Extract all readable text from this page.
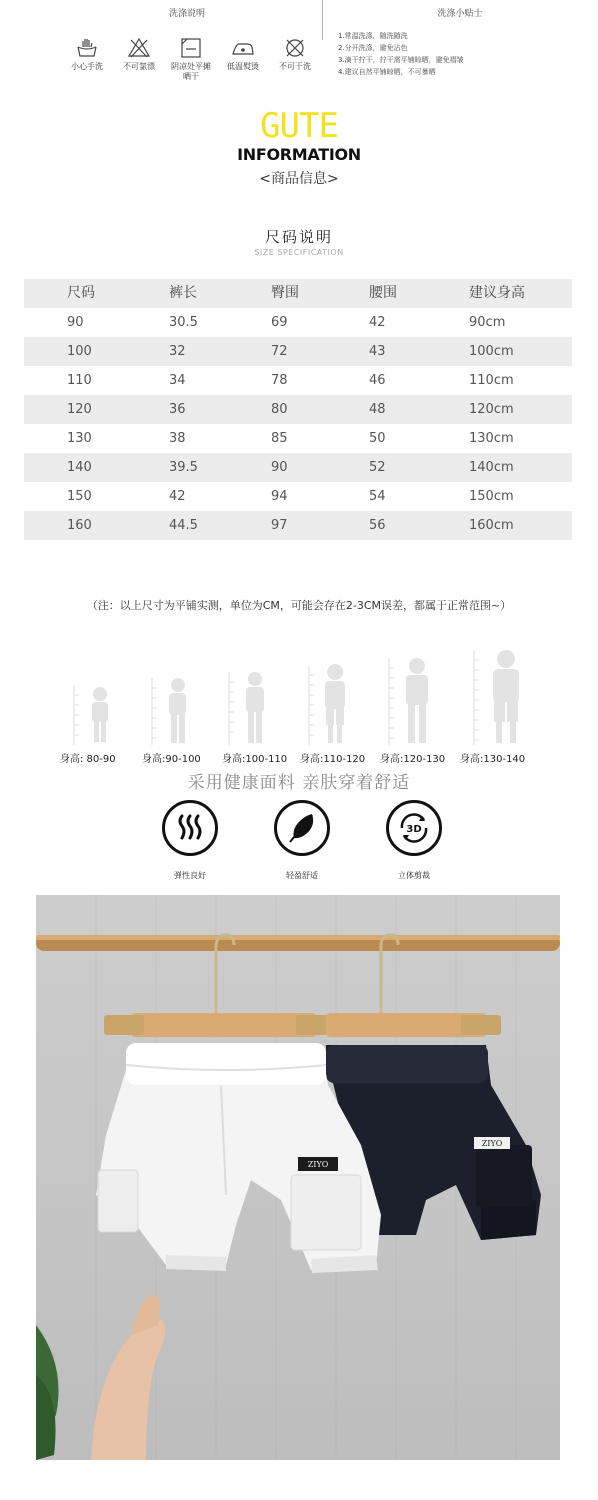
洗涤说明	洗涤小贴士
小心手洗	不可氯漂	阴凉处平摊晒干
低温熨烫	不可干洗
1.常温洗涤，随洗随洗
2.分开洗涤，避免沾色
3.滴干拧干，拧干需平铺晾晒，避免褶皱
4.建议自然平铺晾晒，不可暴晒
GUTE
INFORMATION
<商品信息>
尺码说明
SIZE SPECIFICATION
尺码	裤长	臀围	腰围	建议身高
90	30.5	69	42	90cm
100	32	72	43	100cm
110	34	78	46	110cm
120	36	80	48	120cm
130	38	85	50	130cm
140	39.5	90	52	140cm
150	42	94	54	150cm
160	44.5	97	56	160cm
（注：以上尺寸为平铺实测，单位为CM，可能会存在2-3CM误差，都属于正常范围~）
身高: 80-90	身高:90-100 身高:100-110 身高:110-120 身高:120-130 身高:130-140
采用健康面料 亲肤穿着舒适
弹性良好	轻盈舒适
3D
立体剪裁
ZIYO
ZIYO
